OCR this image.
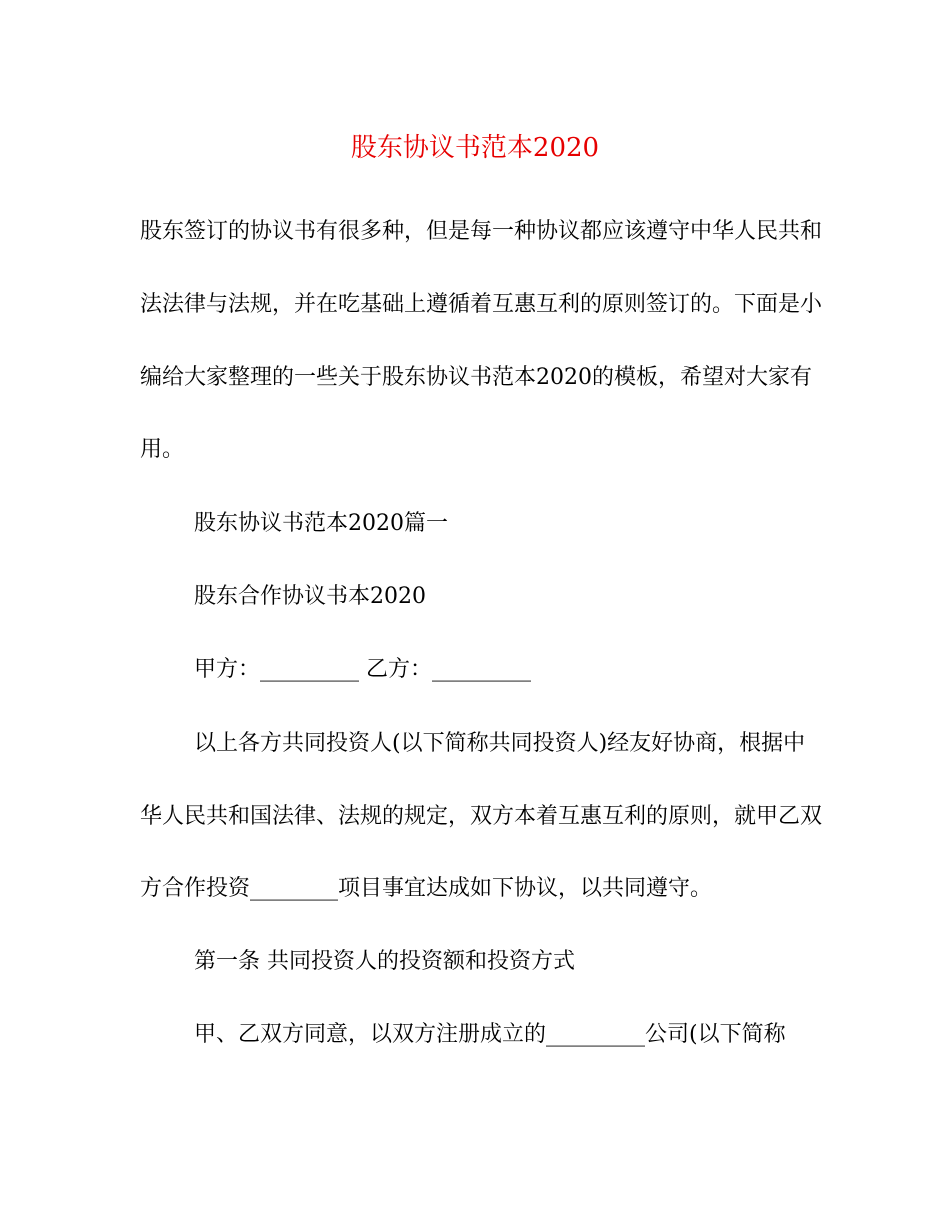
股东协议书范本2020
股东签订的协议书有很多种，但是每一种协议都应该遵守中华人民共和
法法律与法规，并在吃基础上遵循着互惠互利的原则签订的。下面是小
编给大家整理的一些关于股东协议书范本2020的模板，希望对大家有
用。
股东协议书范本2020篇一
股东合作协议书本2020
甲方：_________ 乙方：_________
以上各方共同投资人(以下简称共同投资人)经友好协商，根据中
华人民共和国法律、法规的规定，双方本着互惠互利的原则，就甲乙双
方合作投资________项目事宜达成如下协议，以共同遵守。
第一条 共同投资人的投资额和投资方式
甲、乙双方同意，以双方注册成立的_________公司(以下简称
